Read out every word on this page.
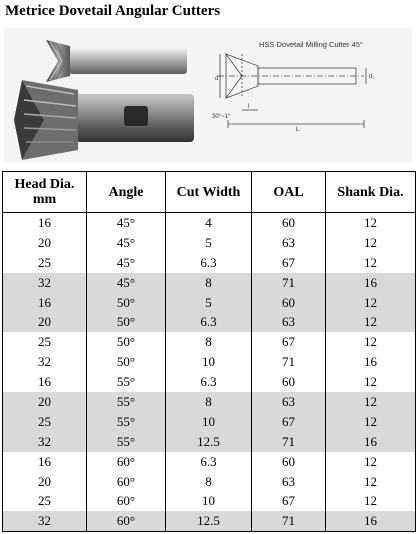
Metrice Dovetail Angular Cutters
d	d₁
L
l
HSS Dovetail Milling Cutter 45°
30°~1°
Head Dia. mm	Angle	Cut Width	OAL	Shank Dia.
16	45°	4	60	12
20	45°	5	63	12
25	45°	6.3	67	12
32	45°	8	71	16
16	50°	5	60	12
20	50°	6.3	63	12
25	50°	8	67	12
32	50°	10	71	16
16	55°	6.3	60	12
20	55°	8	63	12
25	55°	10	67	12
32	55°	12.5	71	16
16	60°	6.3	60	12
20	60°	8	63	12
25	60°	10	67	12
32	60°	12.5	71	16
